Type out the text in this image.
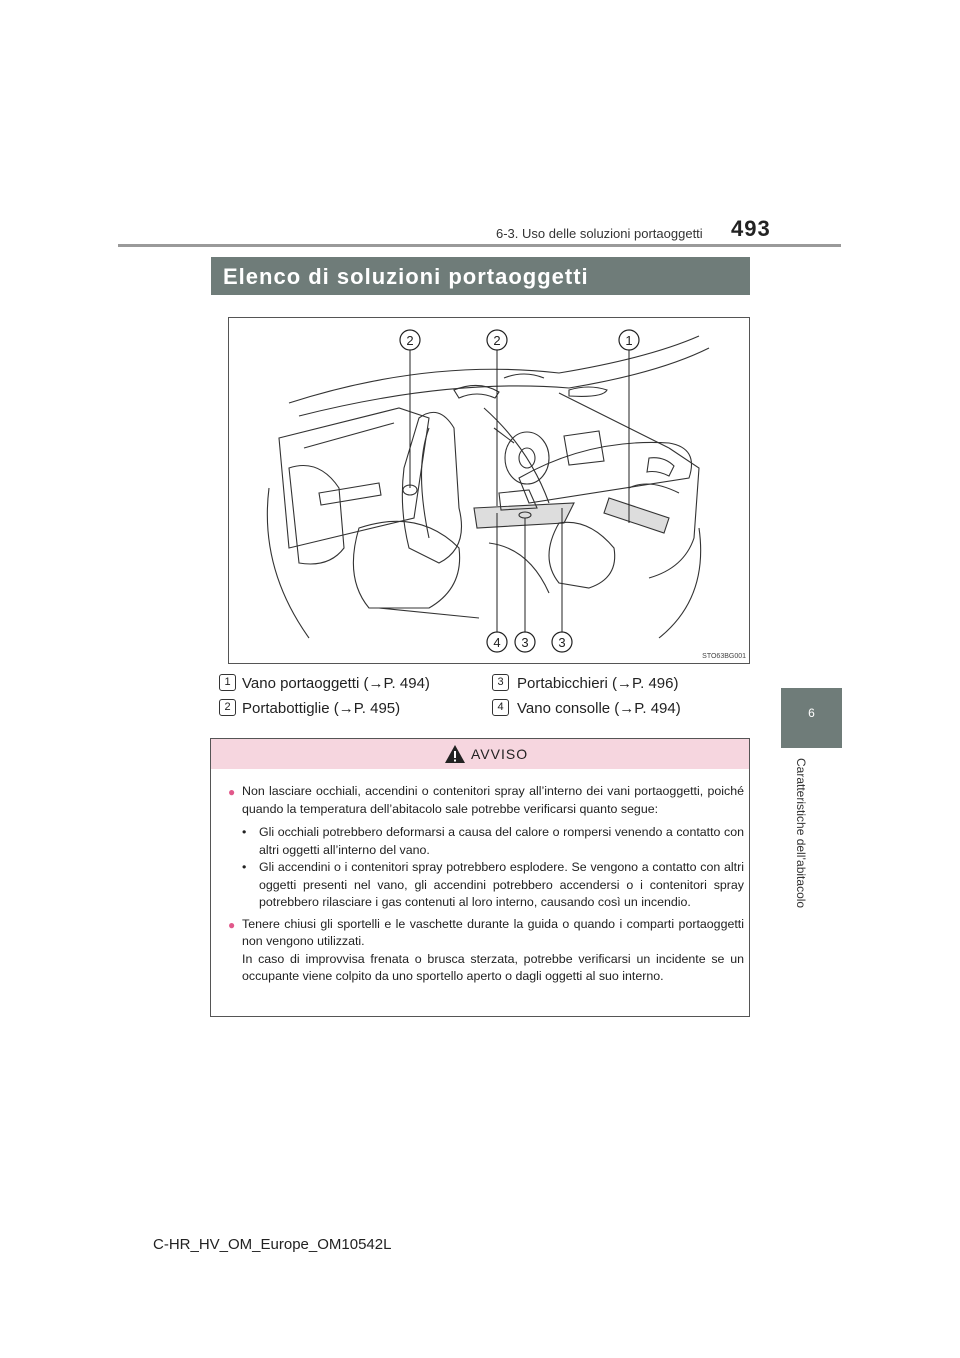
6-3. Uso delle soluzioni portaoggetti 493
6
Caratteristiche dell’abitacolo
Elenco di soluzioni portaoggetti
2	2	1
4 3 3
STO63BG001
1 Vano portaoggetti (→P. 494)
2 Portabottiglie (→P. 495)
3 Portabicchieri (→P. 496)
4 Vano consolle (→P. 494)
AVVISO
● Non lasciare occhiali, accendini o contenitori spray all’interno dei vani portaoggetti, poiché quando la temperatura dell’abitacolo sale potrebbe verificarsi quanto segue:
• Gli occhiali potrebbero deformarsi a causa del calore o rompersi venendo a contatto con altri oggetti all’interno del vano.
• Gli accendini o i contenitori spray potrebbero esplodere. Se vengono a contatto con altri oggetti presenti nel vano, gli accendini potrebbero accendersi o i contenitori spray potrebbero rilasciare i gas contenuti al loro interno, causando così un incendio.
● Tenere chiusi gli sportelli e le vaschette durante la guida o quando i comparti portaoggetti non vengono utilizzati.
In caso di improvvisa frenata o brusca sterzata, potrebbe verificarsi un incidente se un occupante viene colpito da uno sportello aperto o dagli oggetti al suo interno.
C-HR_HV_OM_Europe_OM10542L
